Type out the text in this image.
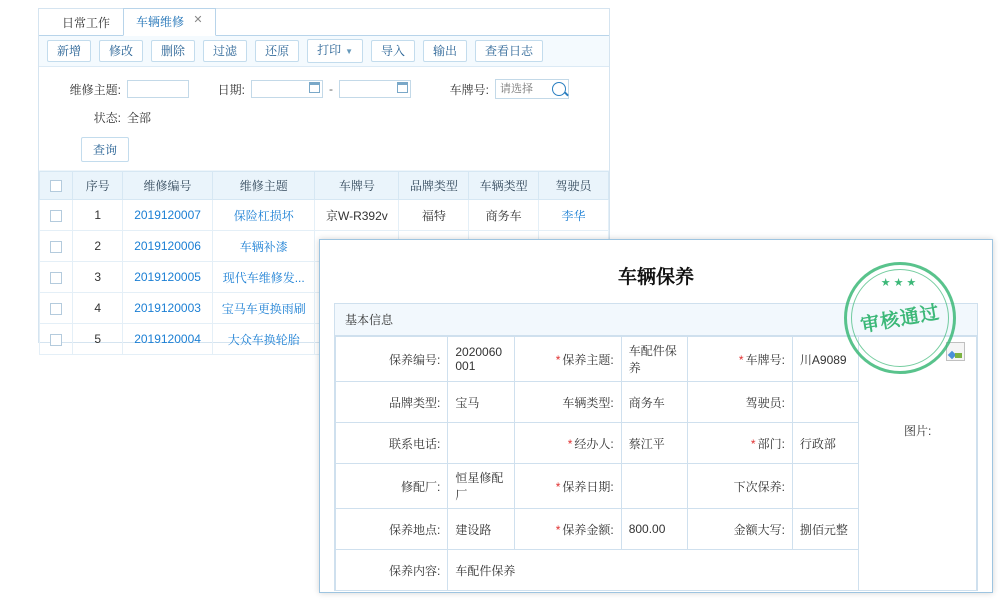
日常工作	车辆维修 ✕
新增	修改	删除	过滤	还原	打印 ▼	导入	输出	查看日志
维修主题:	日期:	-	车牌号:
请选择
状态: 全部
查询
	序号	维修编号	维修主题	车牌号	品牌类型	车辆类型	驾驶员
	1	2019120007	保险杠损坏	京W-R392v	福特	商务车	李华
	2	2019120006	车辆补漆				
	3	2019120005	现代车维修发...				
	4	2019120003	宝马车更换雨刷				
	5	2019120004	大众车换轮胎				
车辆保养
基本信息
保养编号:	2020060001	* 保养主题:	车配件保养	* 车牌号:	川A9089	图片:

品牌类型:	宝马	车辆类型:	商务车	驾驶员:		
联系电话:		* 经办人:	蔡江平	* 部门:	行政部	
修配厂:	恒星修配厂	* 保养日期:		下次保养:		
保养地点:	建设路	* 保养金额:	800.00	金额大写:	捌佰元整	
保养内容:	车配件保养					
★★★
审核通过
